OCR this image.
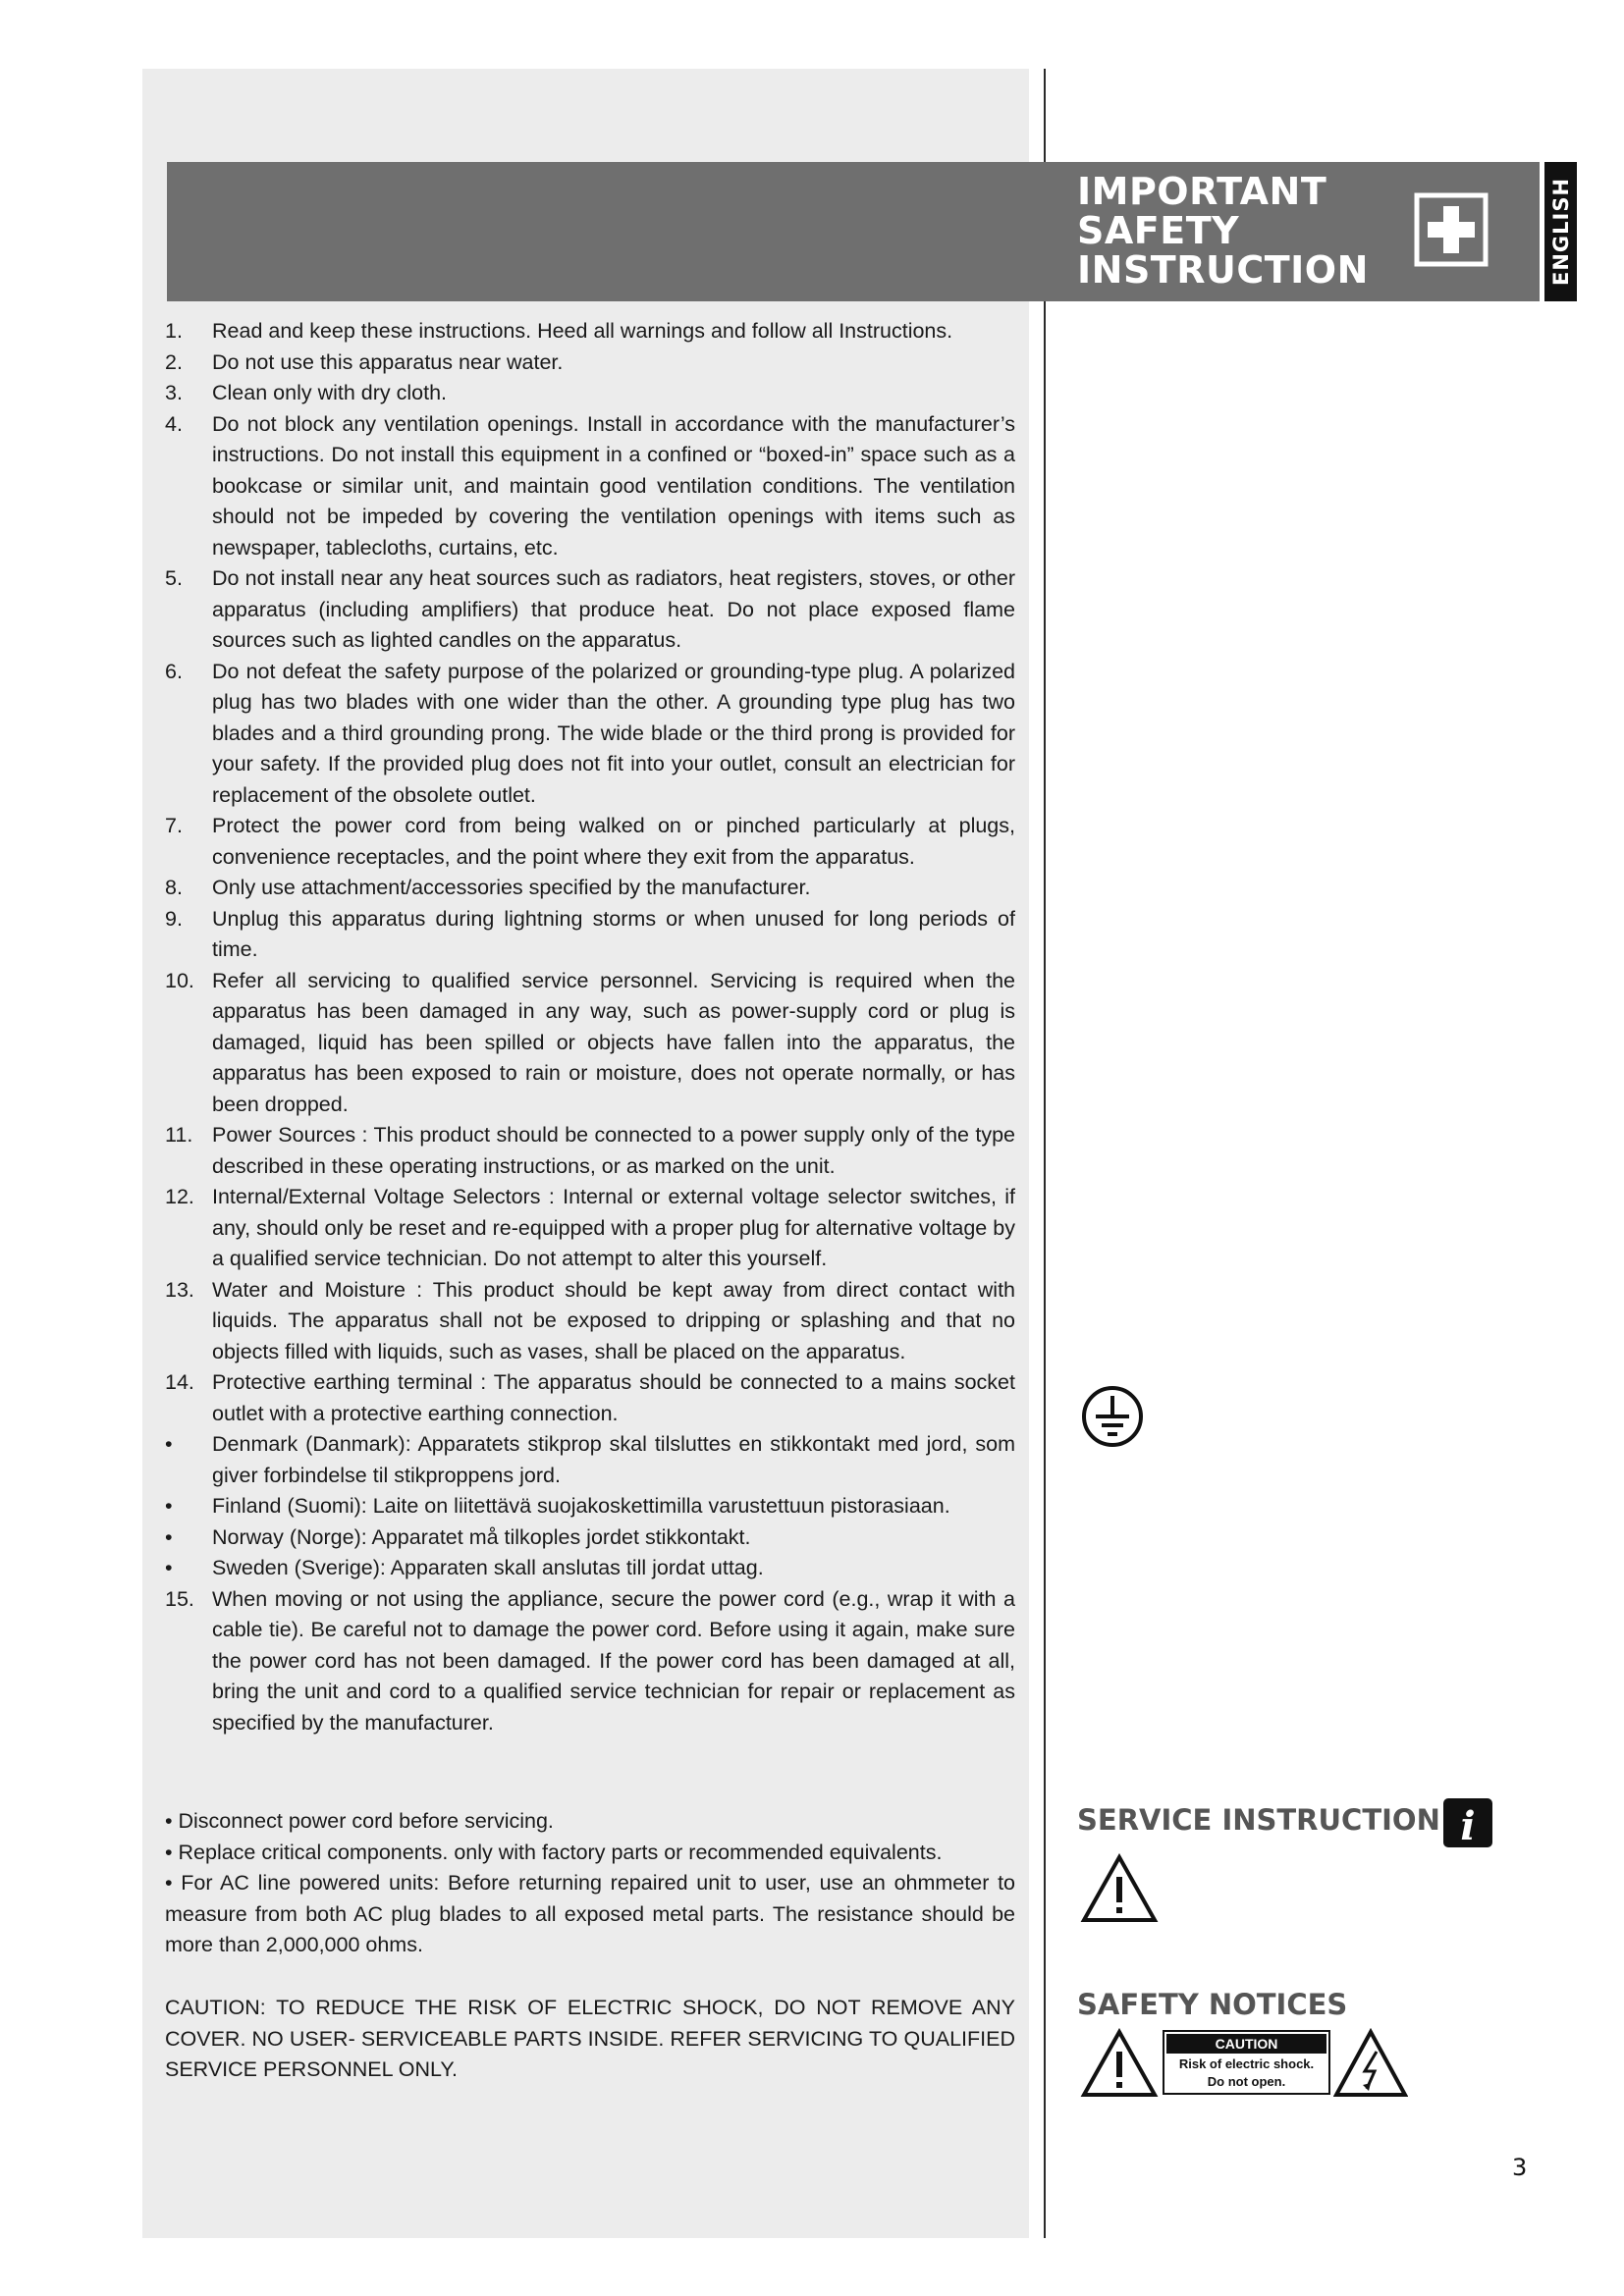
IMPORTANT
SAFETY
INSTRUCTION	ENGLISH
1.	Read and keep these instructions. Heed all warnings and follow all Instructions.
2.	Do not use this apparatus near water.
3.	Clean only with dry cloth.
4.	Do not block any ventilation openings. Install in accordance with the manufacturer’s instructions. Do not install this equipment in a confined or “boxed-in” space such as a bookcase or similar unit, and maintain good ventilation conditions. The ventilation should not be impeded by covering the ventilation openings with items such as newspaper, tablecloths, curtains, etc.
5.	Do not install near any heat sources such as radiators, heat registers, stoves, or other apparatus (including amplifiers) that produce heat. Do not place exposed flame sources such as lighted candles on the apparatus.
6.	Do not defeat the safety purpose of the polarized or grounding-type plug. A polarized plug has two blades with one wider than the other. A grounding type plug has two blades and a third grounding prong. The wide blade or the third prong is provided for your safety. If the provided plug does not fit into your outlet, consult an electrician for replacement of the obsolete outlet.
7.	Protect the power cord from being walked on or pinched particularly at plugs, convenience receptacles, and the point where they exit from the apparatus.
8.	Only use attachment/accessories specified by the manufacturer.
9.	Unplug this apparatus during lightning storms or when unused for long periods of time.
10. Refer all servicing to qualified service personnel. Servicing is required when the apparatus has been damaged in any way, such as power-supply cord or plug is damaged, liquid has been spilled or objects have fallen into the apparatus, the apparatus has been exposed to rain or moisture, does not operate normally, or has been dropped.
11. Power Sources : This product should be connected to a power supply only of the type described in these operating instructions, or as marked on the unit.
12. Internal/External Voltage Selectors : Internal or external voltage selector switches, if any, should only be reset and re-equipped with a proper plug for alternative voltage by a qualified service technician. Do not attempt to alter this yourself.
13. Water and Moisture : This product should be kept away from direct contact with liquids. The apparatus shall not be exposed to dripping or splashing and that no objects filled with liquids, such as vases, shall be placed on the apparatus.
14. Protective earthing terminal : The apparatus should be connected to a mains socket outlet with a protective earthing connection.
•	Denmark (Danmark): Apparatets stikprop skal tilsluttes en stikkontakt med jord, som giver forbindelse til stikproppens jord.
•	Finland (Suomi): Laite on liitettävä suojakoskettimilla varustettuun pistorasiaan.
•	Norway (Norge): Apparatet må tilkoples jordet stikkontakt.
•	Sweden (Sverige): Apparaten skall anslutas till jordat uttag.
15. When moving or not using the appliance, secure the power cord (e.g., wrap it with a cable tie). Be careful not to damage the power cord. Before using it again, make sure the power cord has not been damaged. If the power cord has been damaged at all, bring the unit and cord to a qualified service technician for repair or replacement as specified by the manufacturer.
• Disconnect power cord before servicing.
• Replace critical components. only with factory parts or recommended equivalents.
• For AC line powered units: Before returning repaired unit to user, use an ohmmeter to measure from both AC plug blades to all exposed metal parts. The resistance should be more than 2,000,000 ohms.
CAUTION: TO REDUCE THE RISK OF ELECTRIC SHOCK, DO NOT REMOVE ANY COVER. NO USER- SERVICEABLE PARTS INSIDE. REFER SERVICING TO QUALIFIED SERVICE PERSONNEL ONLY.
SERVICE INSTRUCTION i
SAFETY NOTICES
CAUTION
Risk of electric shock.
Do not open.
3
